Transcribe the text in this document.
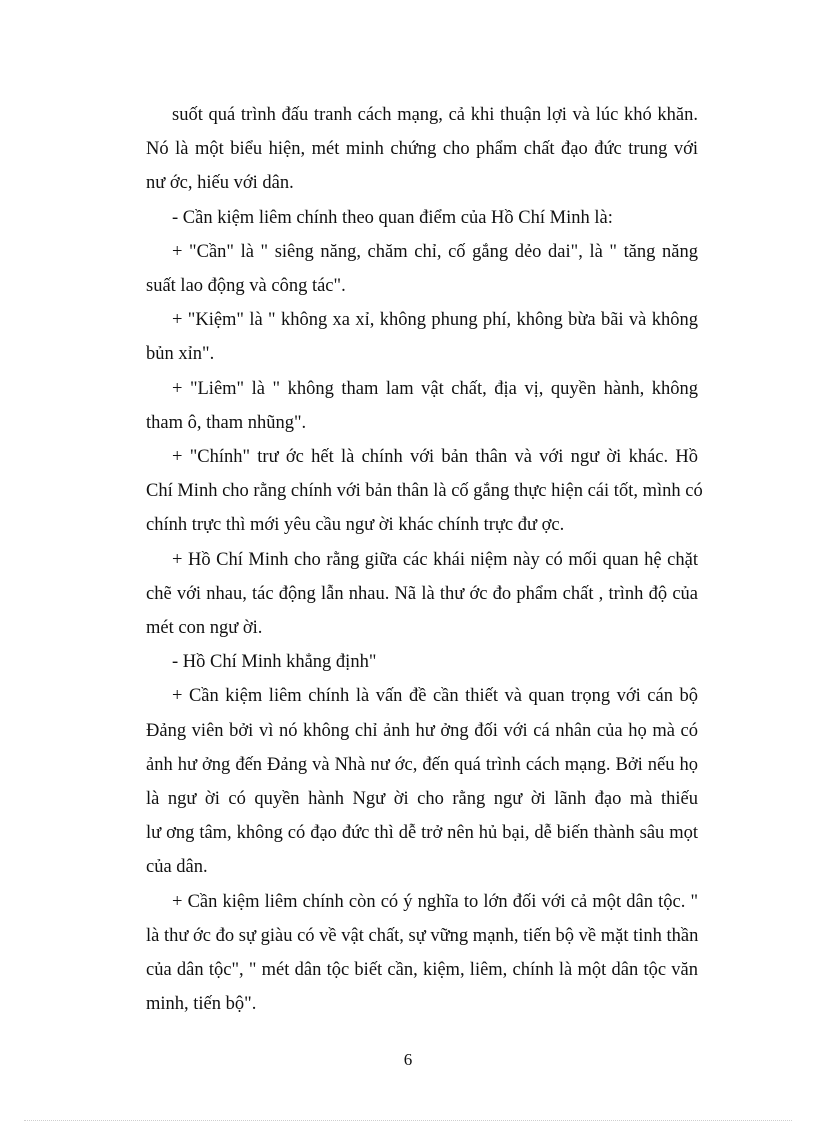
suốt quá trình đấu tranh cách mạng, cả khi thuận lợi và lúc khó khăn.
Nó là một biểu hiện, mét minh chứng cho phẩm chất đạo đức trung với
nư ớc, hiếu với dân.
- Cần kiệm liêm chính theo quan điểm của Hồ Chí Minh là:
+ "Cần" là " siêng năng, chăm chỉ, cố gắng dẻo dai", là " tăng năng
suất lao động và công tác".
+ "Kiệm" là " không xa xỉ, không phung phí, không bừa bãi và không
bủn xỉn".
+ "Liêm" là " không tham lam vật chất, địa vị, quyền hành, không
tham ô, tham nhũng".
+ "Chính" trư ớc hết là chính với bản thân và với ngư ời khác. Hồ
Chí Minh cho rằng chính với bản thân là cố gắng thực hiện cái tốt, mình có
chính trực thì mới yêu cầu ngư ời khác chính trực đư ợc.
+ Hồ Chí Minh cho rằng giữa các khái niệm này có mối quan hệ chặt
chẽ với nhau, tác động lẫn nhau. Nã là thư ớc đo phẩm chất , trình độ của
mét con ngư ời.
- Hồ Chí Minh khẳng định"
+ Cần kiệm liêm chính là vấn đề cần thiết và quan trọng với cán bộ
Đảng viên bởi vì nó không chỉ ảnh hư ởng đối với cá nhân của họ mà có
ảnh hư ởng đến Đảng và Nhà nư ớc, đến quá trình cách mạng. Bởi nếu họ
là ngư ời có quyền hành Ngư ời cho rằng ngư ời lãnh đạo mà thiếu
lư ơng tâm, không có đạo đức thì dễ trở nên hủ bại, dễ biến thành sâu mọt
của dân.
+ Cần kiệm liêm chính còn có ý nghĩa to lớn đối với cả một dân tộc. "
là thư ớc đo sự giàu có về vật chất, sự vững mạnh, tiến bộ về mặt tinh thần
của dân tộc", " mét dân tộc biết cần, kiệm, liêm, chính là một dân tộc văn
minh, tiến bộ".
6
